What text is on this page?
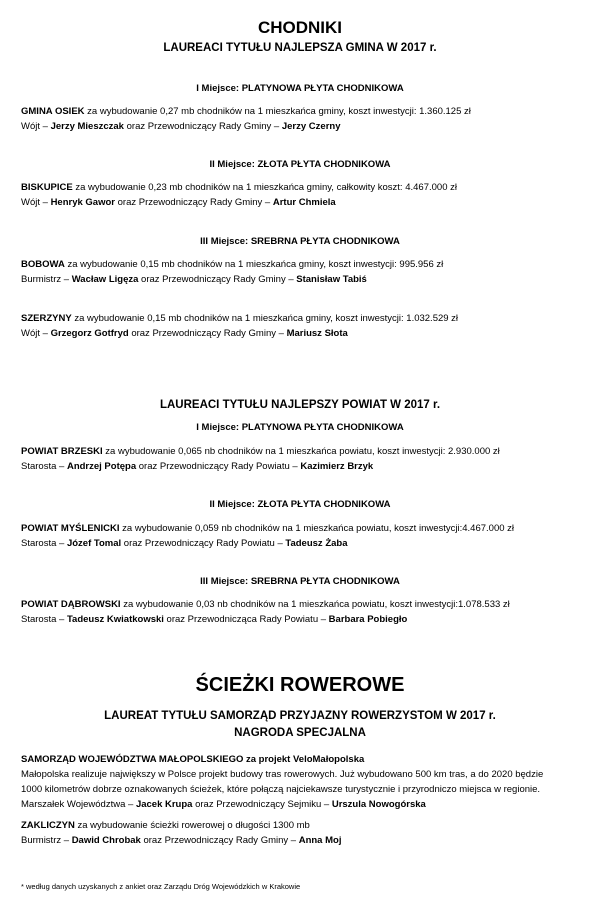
CHODNIKI
LAUREACI TYTUŁU NAJLEPSZA GMINA W 2017 r.
I Miejsce: PLATYNOWA PŁYTA CHODNIKOWA
GMINA OSIEK za wybudowanie 0,27 mb chodników na 1 mieszkańca gminy, koszt inwestycji: 1.360.125 zł
Wójt – Jerzy Mieszczak oraz Przewodniczący Rady Gminy – Jerzy Czerny
II Miejsce: ZŁOTA PŁYTA CHODNIKOWA
BISKUPICE za wybudowanie 0,23 mb chodników na 1 mieszkańca gminy, całkowity koszt: 4.467.000 zł
Wójt – Henryk Gawor oraz Przewodniczący Rady Gminy – Artur Chmiela
III Miejsce: SREBRNA PŁYTA CHODNIKOWA
BOBOWA za wybudowanie 0,15 mb chodników na 1 mieszkańca gminy, koszt inwestycji: 995.956 zł
Burmistrz – Wacław Ligęza oraz Przewodniczący Rady Gminy – Stanisław Tabiś
SZERZYNY za wybudowanie 0,15 mb chodników na 1 mieszkańca gminy, koszt inwestycji: 1.032.529 zł
Wójt – Grzegorz Gotfryd oraz Przewodniczący Rady Gminy – Mariusz Słota
LAUREACI TYTUŁU NAJLEPSZY POWIAT W 2017 r.
I Miejsce: PLATYNOWA PŁYTA CHODNIKOWA
POWIAT BRZESKI za wybudowanie 0,065 nb chodników na 1 mieszkańca powiatu, koszt inwestycji: 2.930.000 zł
Starosta – Andrzej Potępa oraz Przewodniczący Rady Powiatu – Kazimierz Brzyk
II Miejsce: ZŁOTA PŁYTA CHODNIKOWA
POWIAT MYŚLENICKI za wybudowanie 0,059 nb chodników na 1 mieszkańca powiatu, koszt inwestycji:4.467.000 zł
Starosta – Józef Tomal oraz Przewodniczący Rady Powiatu – Tadeusz Żaba
III Miejsce: SREBRNA PŁYTA CHODNIKOWA
POWIAT DĄBROWSKI za wybudowanie 0,03 nb chodników na 1 mieszkańca powiatu, koszt inwestycji:1.078.533 zł
Starosta – Tadeusz Kwiatkowski oraz Przewodnicząca Rady Powiatu – Barbara Pobiegło
ŚCIEŻKI ROWEROWE
LAUREAT TYTUŁU SAMORZĄD PRZYJAZNY ROWERZYSTOM W 2017 r.
NAGRODA SPECJALNA
SAMORZĄD WOJEWÓDZTWA MAŁOPOLSKIEGO za projekt VeloMałopolska
Małopolska realizuje największy w Polsce projekt budowy tras rowerowych. Już wybudowano 500 km tras, a do 2020 będzie
1000 kilometrów dobrze oznakowanych ścieżek, które połączą najciekawsze turystycznie i przyrodniczo miejsca w regionie.
Marszałek Województwa – Jacek Krupa oraz Przewodniczący Sejmiku – Urszula Nowogórska
ZAKLICZYN za wybudowanie ścieżki rowerowej o długości 1300 mb
Burmistrz – Dawid Chrobak oraz Przewodniczący Rady Gminy – Anna Moj
* według danych uzyskanych z ankiet oraz Zarządu Dróg Wojewódzkich w Krakowie
